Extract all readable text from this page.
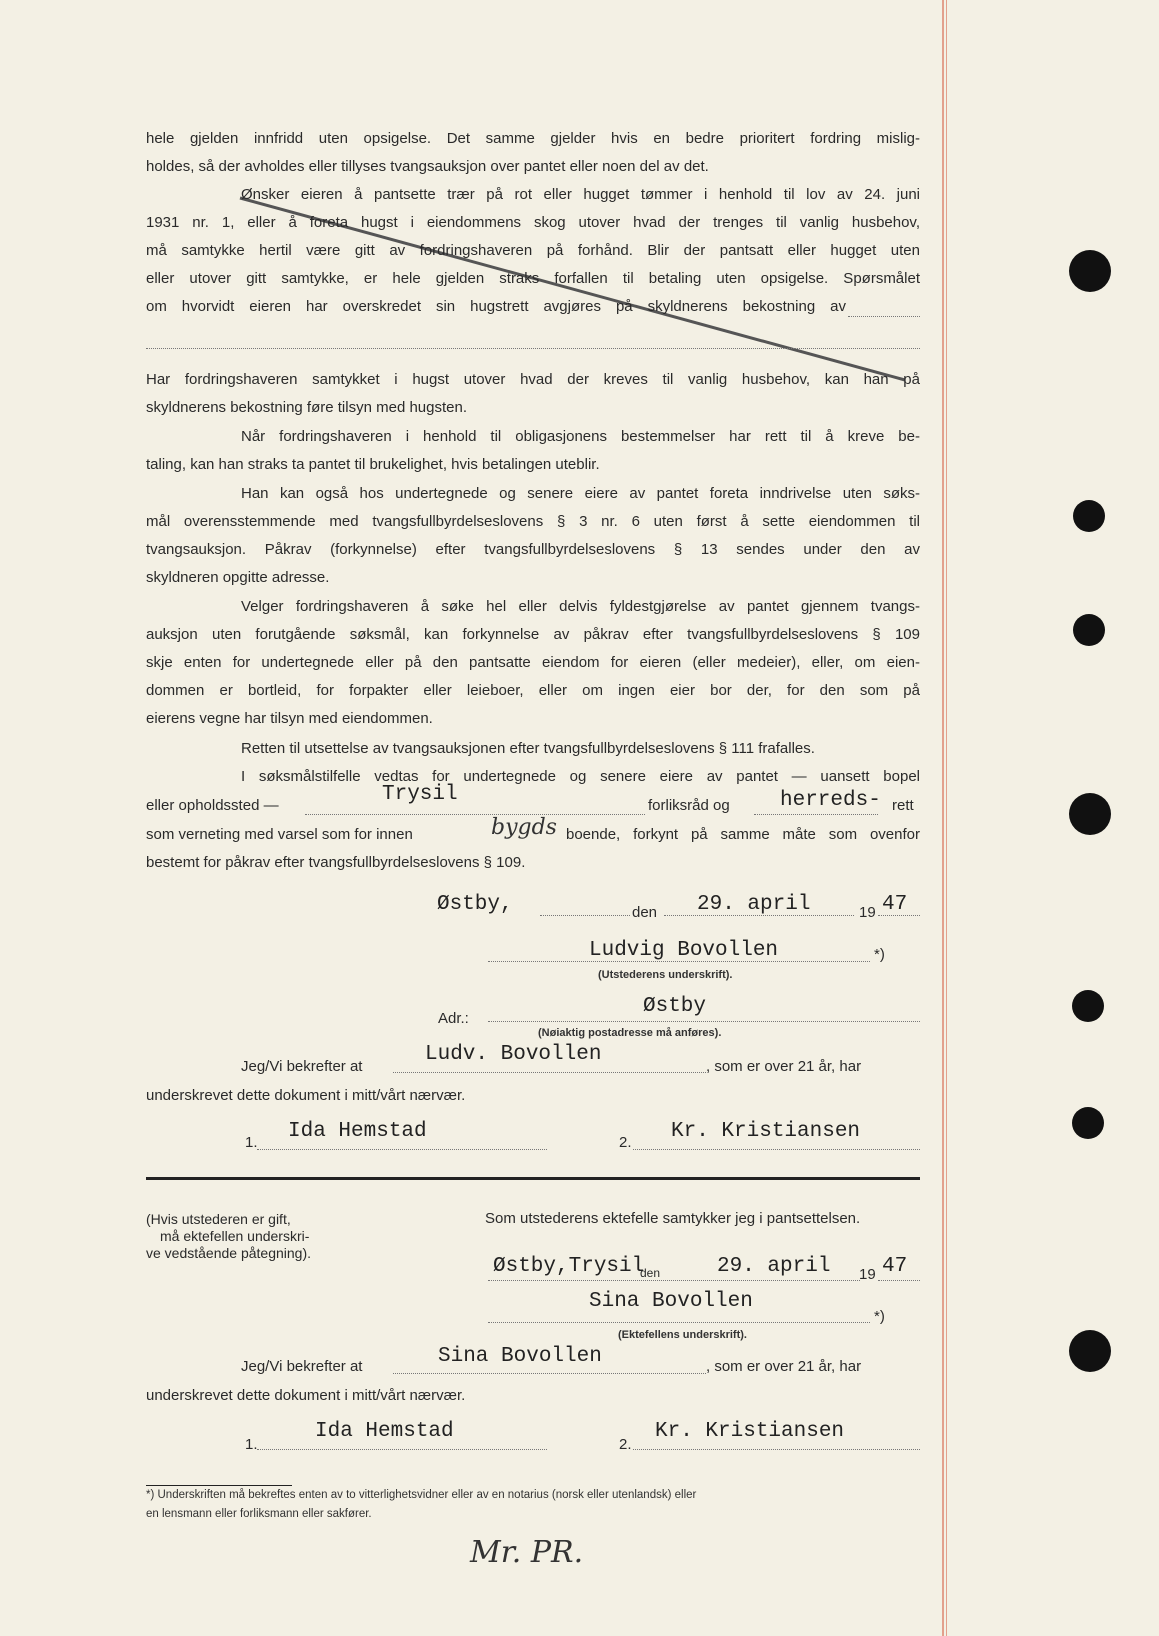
hele gjelden innfridd uten opsigelse. Det samme gjelder hvis en bedre prioritert fordring mislig-
holdes, så der avholdes eller tillyses tvangsauksjon over pantet eller noen del av det.
Ønsker eieren å pantsette trær på rot eller hugget tømmer i henhold til lov av 24. juni
1931 nr. 1, eller å foreta hugst i eiendommens skog utover hvad der trenges til vanlig husbehov,
må samtykke hertil være gitt av fordringshaveren på forhånd. Blir der pantsatt eller hugget uten
eller utover gitt samtykke, er hele gjelden straks forfallen til betaling uten opsigelse. Spørsmålet
om hvorvidt eieren har overskredet sin hugstrett avgjøres på skyldnerens bekostning av
Har fordringshaveren samtykket i hugst utover hvad der kreves til vanlig husbehov, kan han på
skyldnerens bekostning føre tilsyn med hugsten.
Når fordringshaveren i henhold til obligasjonens bestemmelser har rett til å kreve be-
taling, kan han straks ta pantet til brukelighet, hvis betalingen uteblir.
Han kan også hos undertegnede og senere eiere av pantet foreta inndrivelse uten søks-
mål overensstemmende med tvangsfullbyrdelseslovens § 3 nr. 6 uten først å sette eiendommen til
tvangsauksjon. Påkrav (forkynnelse) efter tvangsfullbyrdelseslovens § 13 sendes under den av
skyldneren opgitte adresse.
Velger fordringshaveren å søke hel eller delvis fyldestgjørelse av pantet gjennem tvangs-
auksjon uten forutgående søksmål, kan forkynnelse av påkrav efter tvangsfullbyrdelseslovens § 109
skje enten for undertegnede eller på den pantsatte eiendom for eieren (eller medeier), eller, om eien-
dommen er bortleid, for forpakter eller leieboer, eller om ingen eier bor der, for den som på
eierens vegne har tilsyn med eiendommen.
Retten til utsettelse av tvangsauksjonen efter tvangsfullbyrdelseslovens § 111 frafalles.
I søksmålstilfelle vedtas for undertegnede og senere eiere av pantet — uansett bopel
eller opholdssted —	Trysil	forliksråd og herreds- rett
som verneting med varsel som for innen	bygds boende, forkynt på samme måte som ovenfor
bestemt for påkrav efter tvangsfullbyrdelseslovens § 109.
Østby,	den 29. april	19 47
Ludvig Bovollen	*)
(Utstederens underskrift).
Adr.:
Østby
(Nøiaktig postadresse må anføres).
Jeg/Vi bekrefter at
Ludv. Bovollen
, som er over 21 år, har
underskrevet dette dokument i mitt/vårt nærvær.
1. Ida Hemstad	2. Kr. Kristiansen
(Hvis utstederen er gift,
må ektefellen underskri-
ve vedstående påtegning).
Som utstederens ektefelle samtykker jeg i pantsettelsen.
Østby,Trysil
den	29. april 19 47
Sina Bovollen
*)
(Ektefellens underskrift).
Jeg/Vi bekrefter at	Sina Bovollen	, som er over 21 år, har
underskrevet dette dokument i mitt/vårt nærvær.
1.
Ida Hemstad
2.
Kr. Kristiansen
*) Underskriften må bekreftes enten av to vitterlighetsvidner eller av en notarius (norsk eller utenlandsk) eller
en lensmann eller forliksmann eller sakfører.
Mr. PR.
